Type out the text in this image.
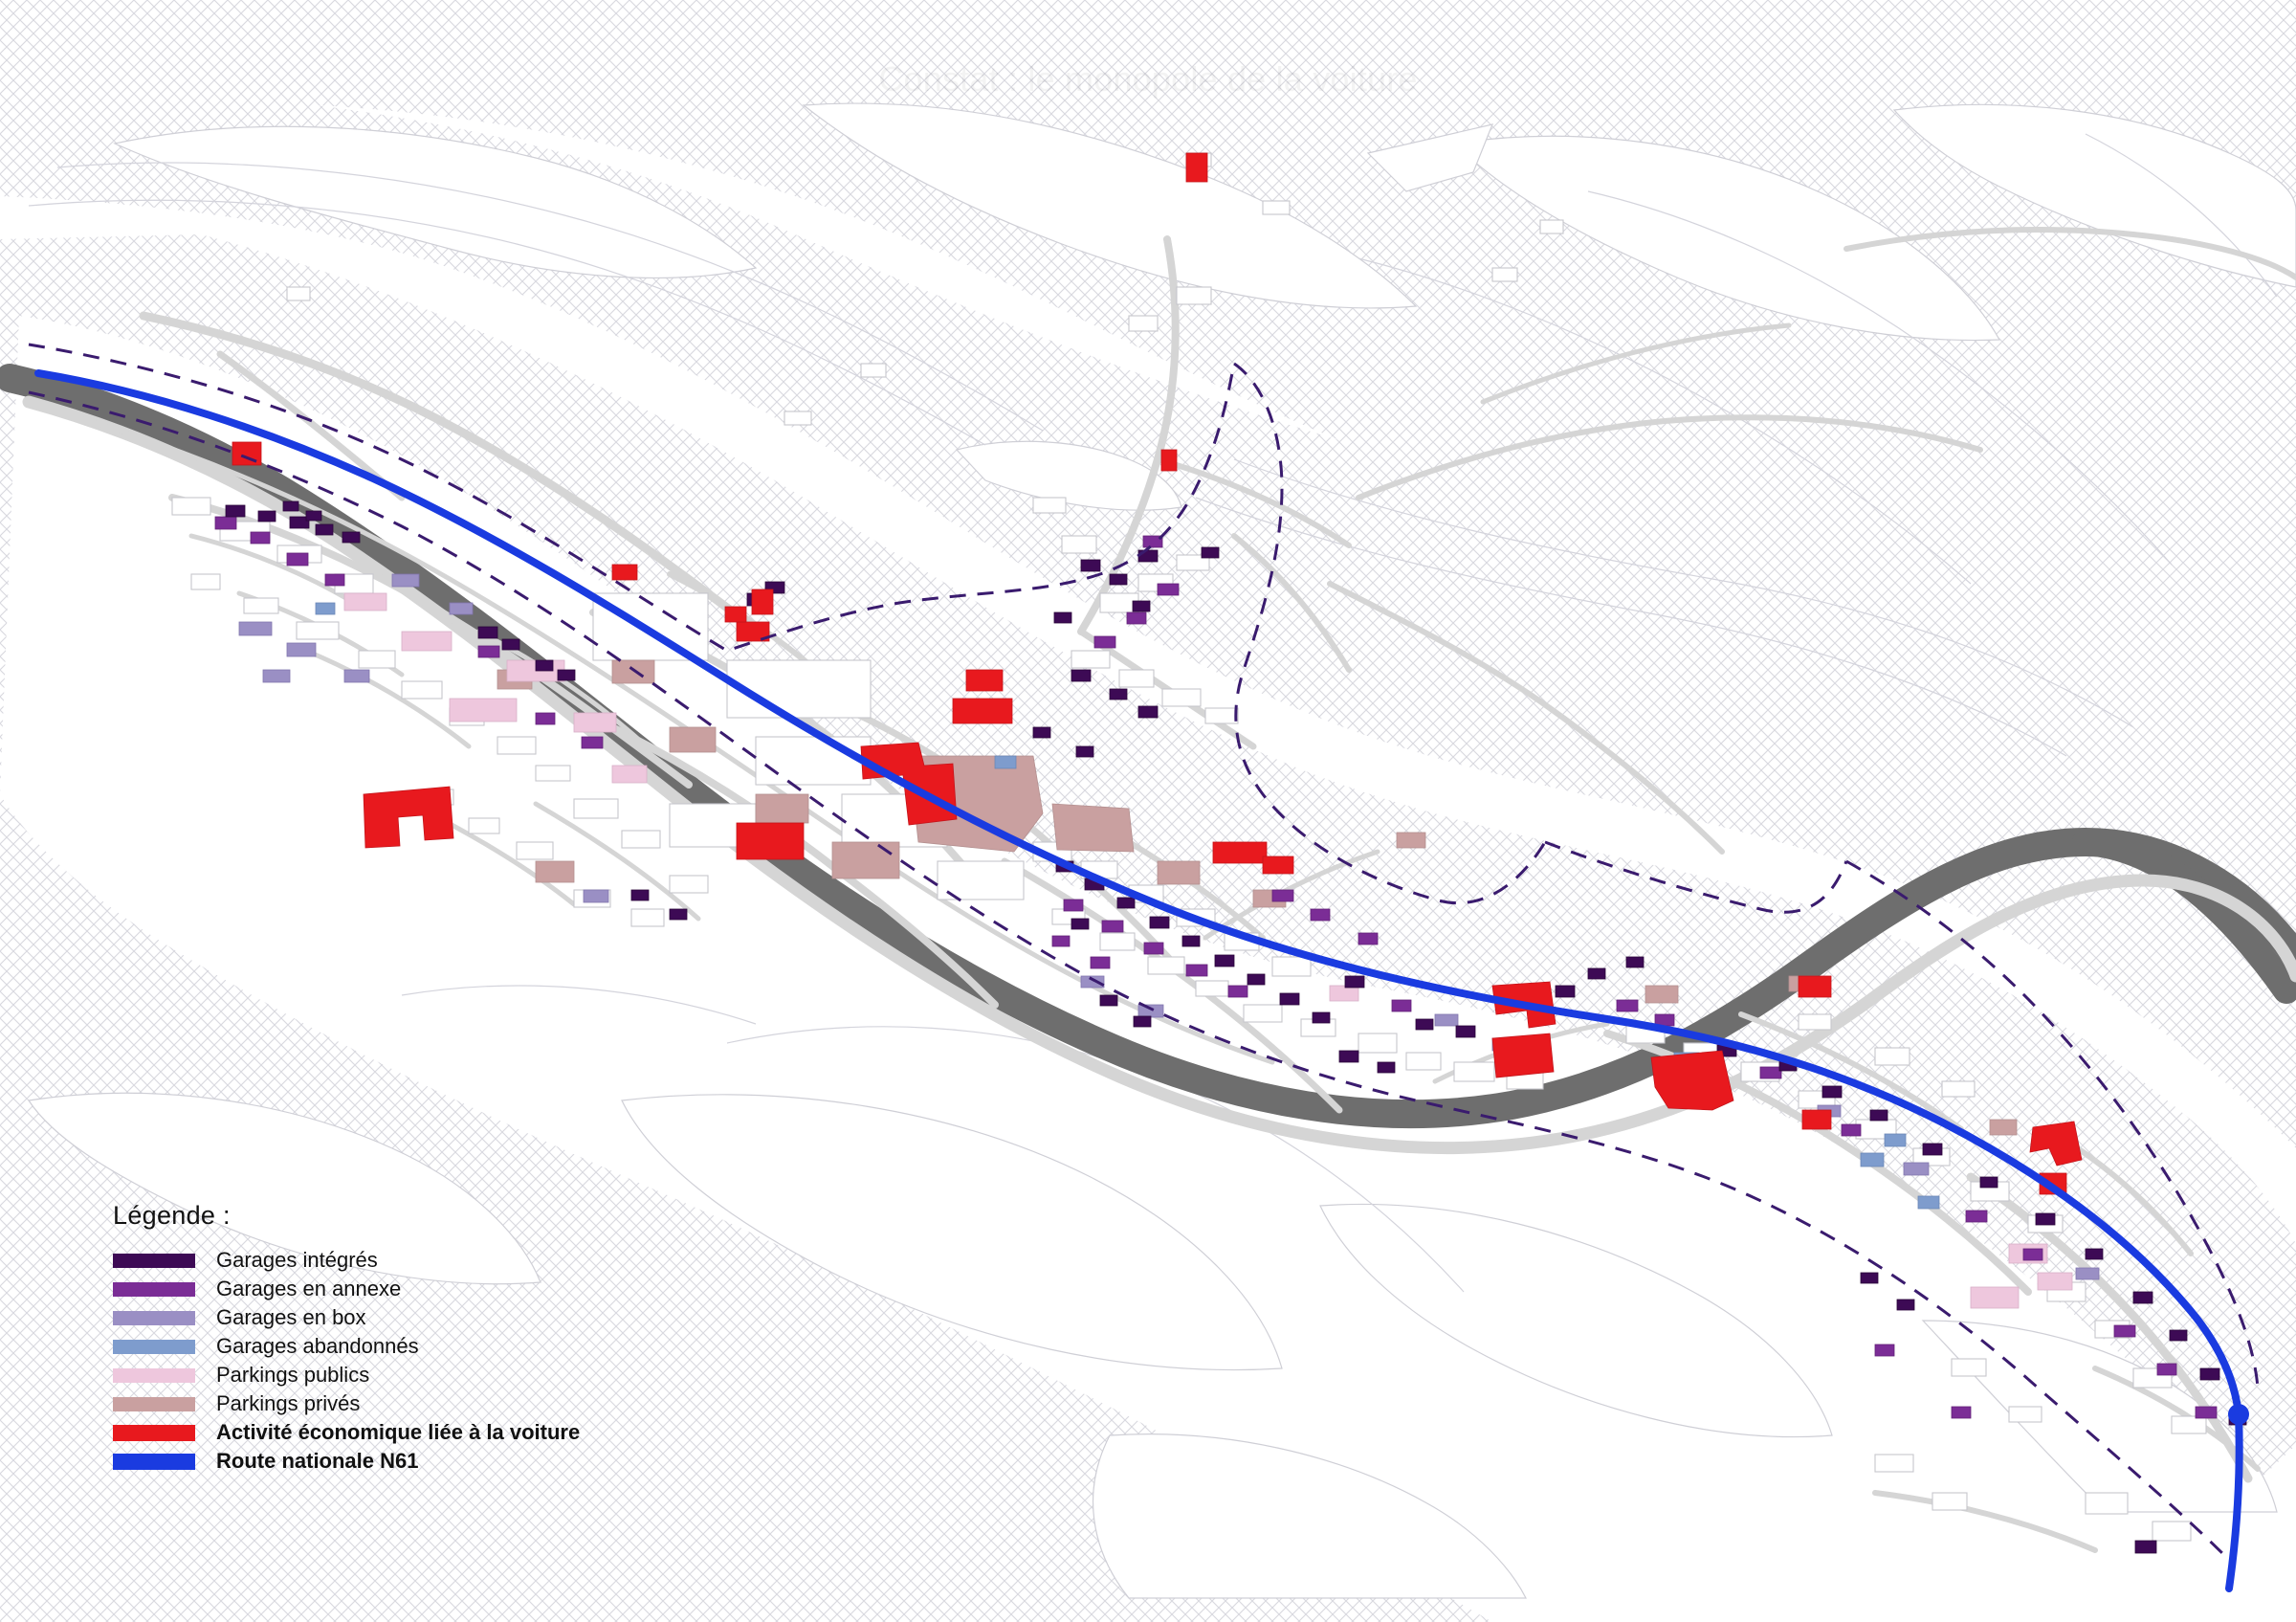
Légende :
Garages intégrés
Garages en annexe
Garages en box
Garages abandonnés
Parkings publics
Parkings privés
Activité économique liée à la voiture
Route nationale N61
